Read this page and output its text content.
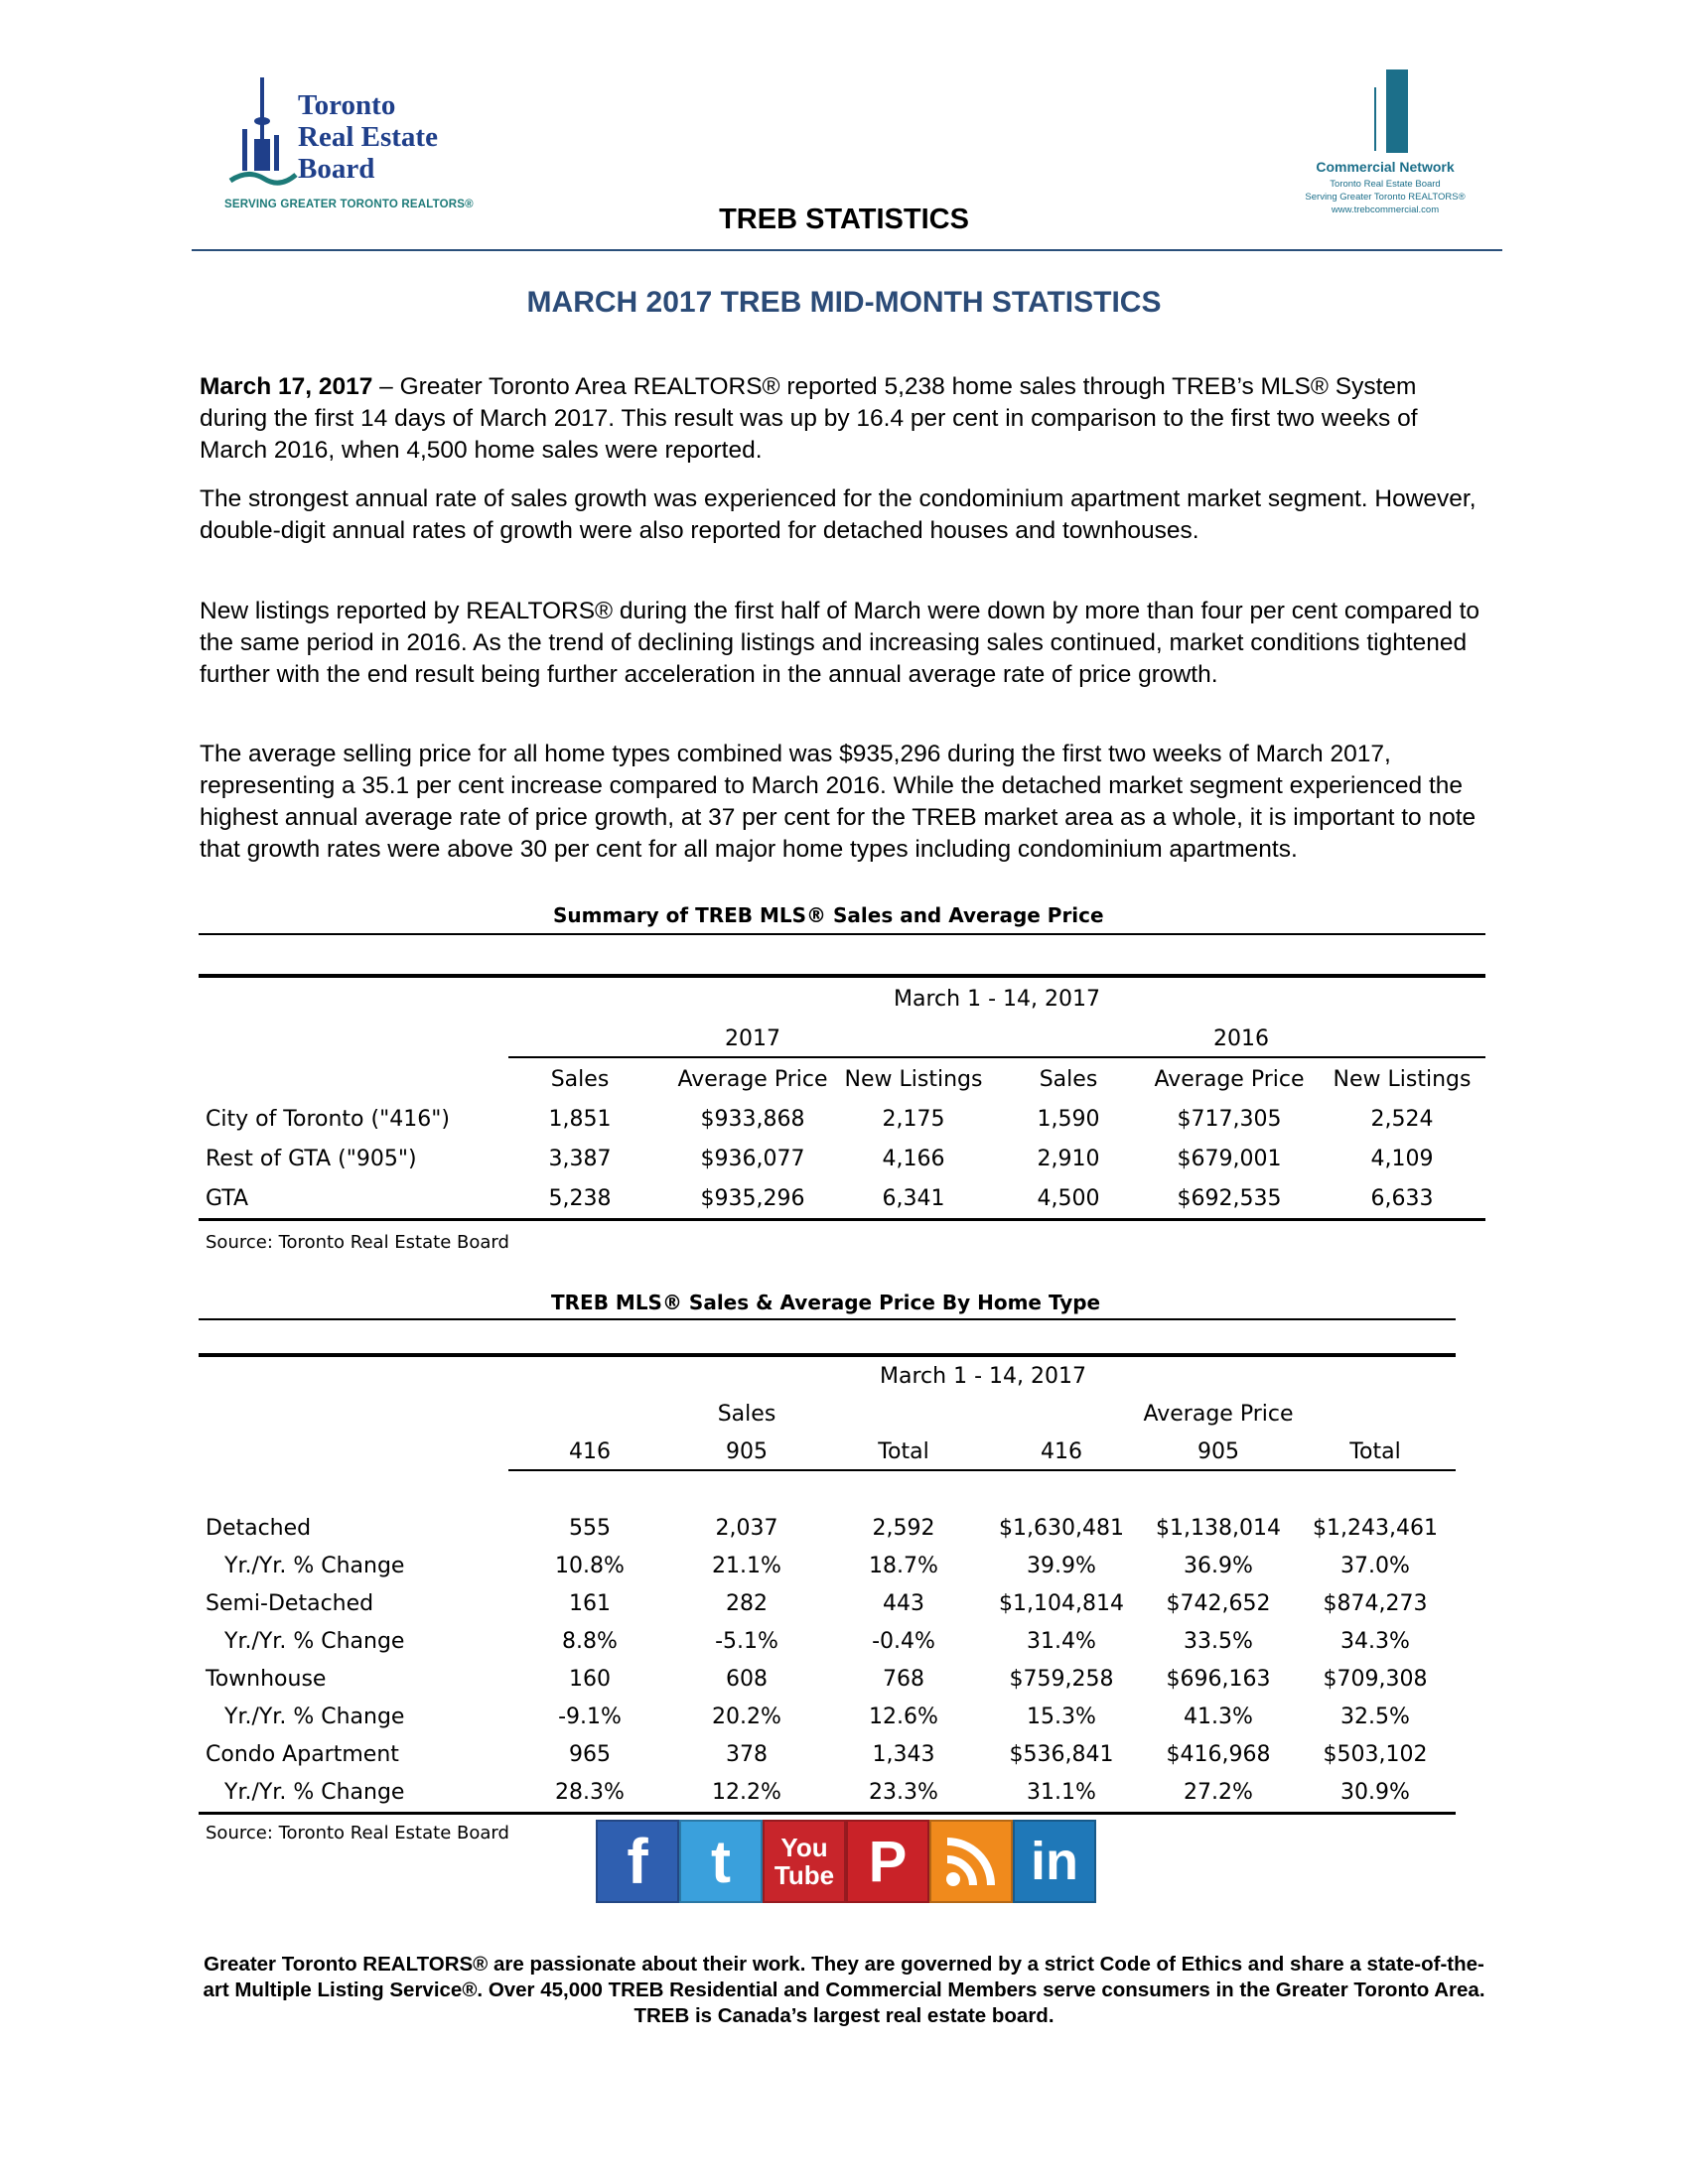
Toronto
Real Estate
Board
SERVING GREATER TORONTO REALTORS®
Commercial Network
Toronto Real Estate Board
Serving Greater Toronto REALTORS®
www.trebcommercial.com
TREB STATISTICS
MARCH 2017 TREB MID-MONTH STATISTICS
March 17, 2017 – Greater Toronto Area REALTORS® reported 5,238 home sales through TREB’s MLS® System during the first 14 days of March 2017. This result was up by 16.4 per cent in comparison to the first two weeks of March 2016, when 4,500 home sales were reported.
The strongest annual rate of sales growth was experienced for the condominium apartment market segment. However, double-digit annual rates of growth were also reported for detached houses and townhouses.
New listings reported by REALTORS® during the first half of March were down by more than four per cent compared to the same period in 2016. As the trend of declining listings and increasing sales continued, market conditions tightened further with the end result being further acceleration in the annual average rate of price growth.
The average selling price for all home types combined was $935,296 during the first two weeks of March 2017, representing a 35.1 per cent increase compared to March 2016. While the detached market segment experienced the highest annual average rate of price growth, at 37 per cent for the TREB market area as a whole, it is important to note that growth rates were above 30 per cent for all major home types including condominium apartments.
Summary of TREB MLS® Sales and Average Price
March 1 - 14, 2017
2017	2016
Sales	Average Price New Listings	Sales	Average Price New Listings
City of Toronto ("416")	1,851	$933,868	2,175	1,590	$717,305	2,524
Rest of GTA ("905")	3,387	$936,077	4,166	2,910	$679,001	4,109
GTA	5,238	$935,296	6,341	4,500	$692,535	6,633
Source: Toronto Real Estate Board
TREB MLS® Sales & Average Price By Home Type
March 1 - 14, 2017
Sales	Average Price
416	905	Total	416	905	Total
Detached	555	2,037	2,592	$1,630,481 $1,138,014 $1,243,461
Yr./Yr. % Change	10.8%	21.1%	18.7%	39.9%	36.9%	37.0%
Semi-Detached	161	282	443	$1,104,814 $742,652 $874,273
Yr./Yr. % Change	8.8%	-5.1%	-0.4%	31.4%	33.5%	34.3%
Townhouse	160	608	768	$759,258 $696,163 $709,308
Yr./Yr. % Change	-9.1%	20.2%	12.6%	15.3%	41.3%	32.5%
Condo Apartment	965	378	1,343	$536,841 $416,968 $503,102
Yr./Yr. % Change	28.3%	12.2%	23.3%	31.1%	27.2%	30.9%
Source: Toronto Real Estate Board	f	t	You
Tube P	in
Greater Toronto REALTORS® are passionate about their work. They are governed by a strict Code of Ethics and share a state-of-the-art Multiple Listing Service®. Over 45,000 TREB Residential and Commercial Members serve consumers in the Greater Toronto Area. TREB is Canada’s largest real estate board.
